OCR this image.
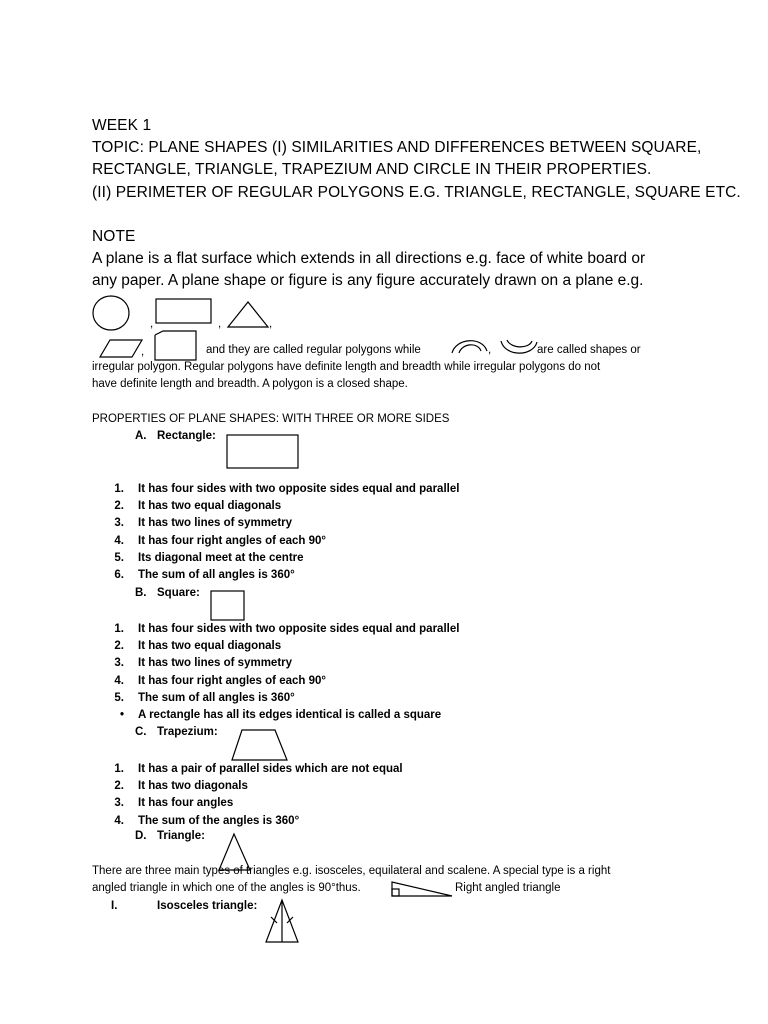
WEEK 1
TOPIC: PLANE SHAPES (I) SIMILARITIES AND DIFFERENCES BETWEEN SQUARE,
RECTANGLE, TRIANGLE, TRAPEZIUM AND CIRCLE IN THEIR PROPERTIES.
(II) PERIMETER OF REGULAR POLYGONS E.G. TRIANGLE, RECTANGLE, SQUARE ETC.
NOTE
A plane is a flat surface which extends in all directions e.g. face of white board or
any paper. A plane shape or figure is any figure accurately drawn on a plane e.g.
,	,	,
,	and they are called regular polygons while	,	are called shapes or
irregular polygon. Regular polygons have definite length and breadth while irregular polygons do not
have definite length and breadth. A polygon is a closed shape.
PROPERTIES OF PLANE SHAPES: WITH THREE OR MORE SIDES
A. Rectangle:
1. It has four sides with two opposite sides equal and parallel
2. It has two equal diagonals
3. It has two lines of symmetry
4. It has four right angles of each 90°
5. Its diagonal meet at the centre
6. The sum of all angles is 360°
B. Square:
1. It has four sides with two opposite sides equal and parallel
2. It has two equal diagonals
3. It has two lines of symmetry
4. It has four right angles of each 90°
5. The sum of all angles is 360°
• A rectangle has all its edges identical is called a square
C. Trapezium:
1. It has a pair of parallel sides which are not equal
2. It has two diagonals
3. It has four angles
4. The sum of the angles is 360°
D. Triangle:
There are three main types of triangles e.g. isosceles, equilateral and scalene. A special type is a right
angled triangle in which one of the angles is 90°thus.	Right angled triangle
I.	Isosceles triangle:
